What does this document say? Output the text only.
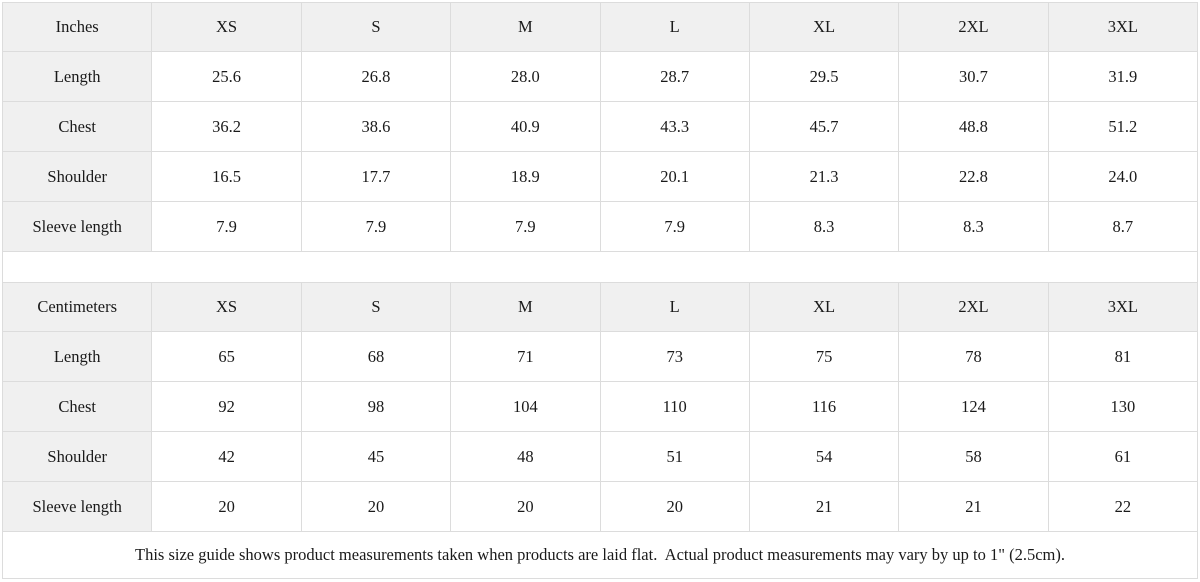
Inches	XS	S	M	L	XL	2XL	3XL
Length	25.6	26.8	28.0	28.7	29.5	30.7	31.9
Chest	36.2	38.6	40.9	43.3	45.7	48.8	51.2
Shoulder	16.5	17.7	18.9	20.1	21.3	22.8	24.0
Sleeve length	7.9	7.9	7.9	7.9	8.3	8.3	8.7
Centimeters	XS	S	M	L	XL	2XL	3XL
Length	65	68	71	73	75	78	81
Chest	92	98	104	110	116	124	130
Shoulder	42	45	48	51	54	58	61
Sleeve length	20	20	20	20	21	21	22
This size guide shows product measurements taken when products are laid flat.  Actual product measurements may vary by up to 1" (2.5cm).
